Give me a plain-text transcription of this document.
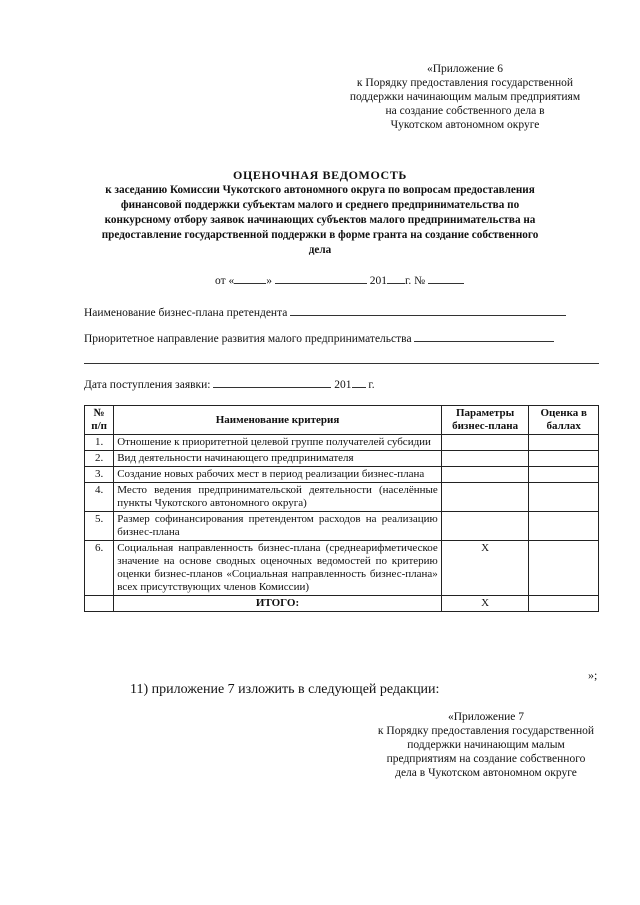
«Приложение 6
к Порядку предоставления государственной
поддержки начинающим малым предприятиям
на создание собственного дела в
Чукотском автономном округе
ОЦЕНОЧНАЯ ВЕДОМОСТЬ
к заседанию Комиссии Чукотского автономного округа по вопросам предоставления
финансовой поддержки субъектам малого и среднего предпринимательства по
конкурсному отбору заявок начинающих субъектов малого предпринимательства на
предоставление государственной поддержки в форме гранта на создание собственного
дела
от «	»	201 г. №
Наименование бизнес-плана претендента
Приоритетное направление развития малого предпринимательства
Дата поступления заявки:	201 г.
№ п/п	Наименование критерия	Параметры бизнес-плана	Оценка в баллах
1.	Отношение к приоритетной целевой группе получателей субсидии		
2.	Вид деятельности начинающего предпринимателя		
3.	Создание новых рабочих мест в период реализации бизнес-плана		
4.	Место ведения предпринимательской деятельности (населённые пункты Чукотского автономного округа)		
5.	Размер софинансирования претендентом расходов на реализацию бизнес-плана		
6.	Социальная направленность бизнес-плана (среднеарифметическое значение на основе сводных оценочных ведомостей по критерию оценки бизнес-планов «Социальная направленность бизнес-плана» всех присутствующих членов Комиссии)	Х	
	ИТОГО:	Х	
»;
11) приложение 7 изложить в следующей редакции:
«Приложение 7
к Порядку предоставления государственной
поддержки начинающим малым
предприятиям на создание собственного
дела в Чукотском автономном округе
